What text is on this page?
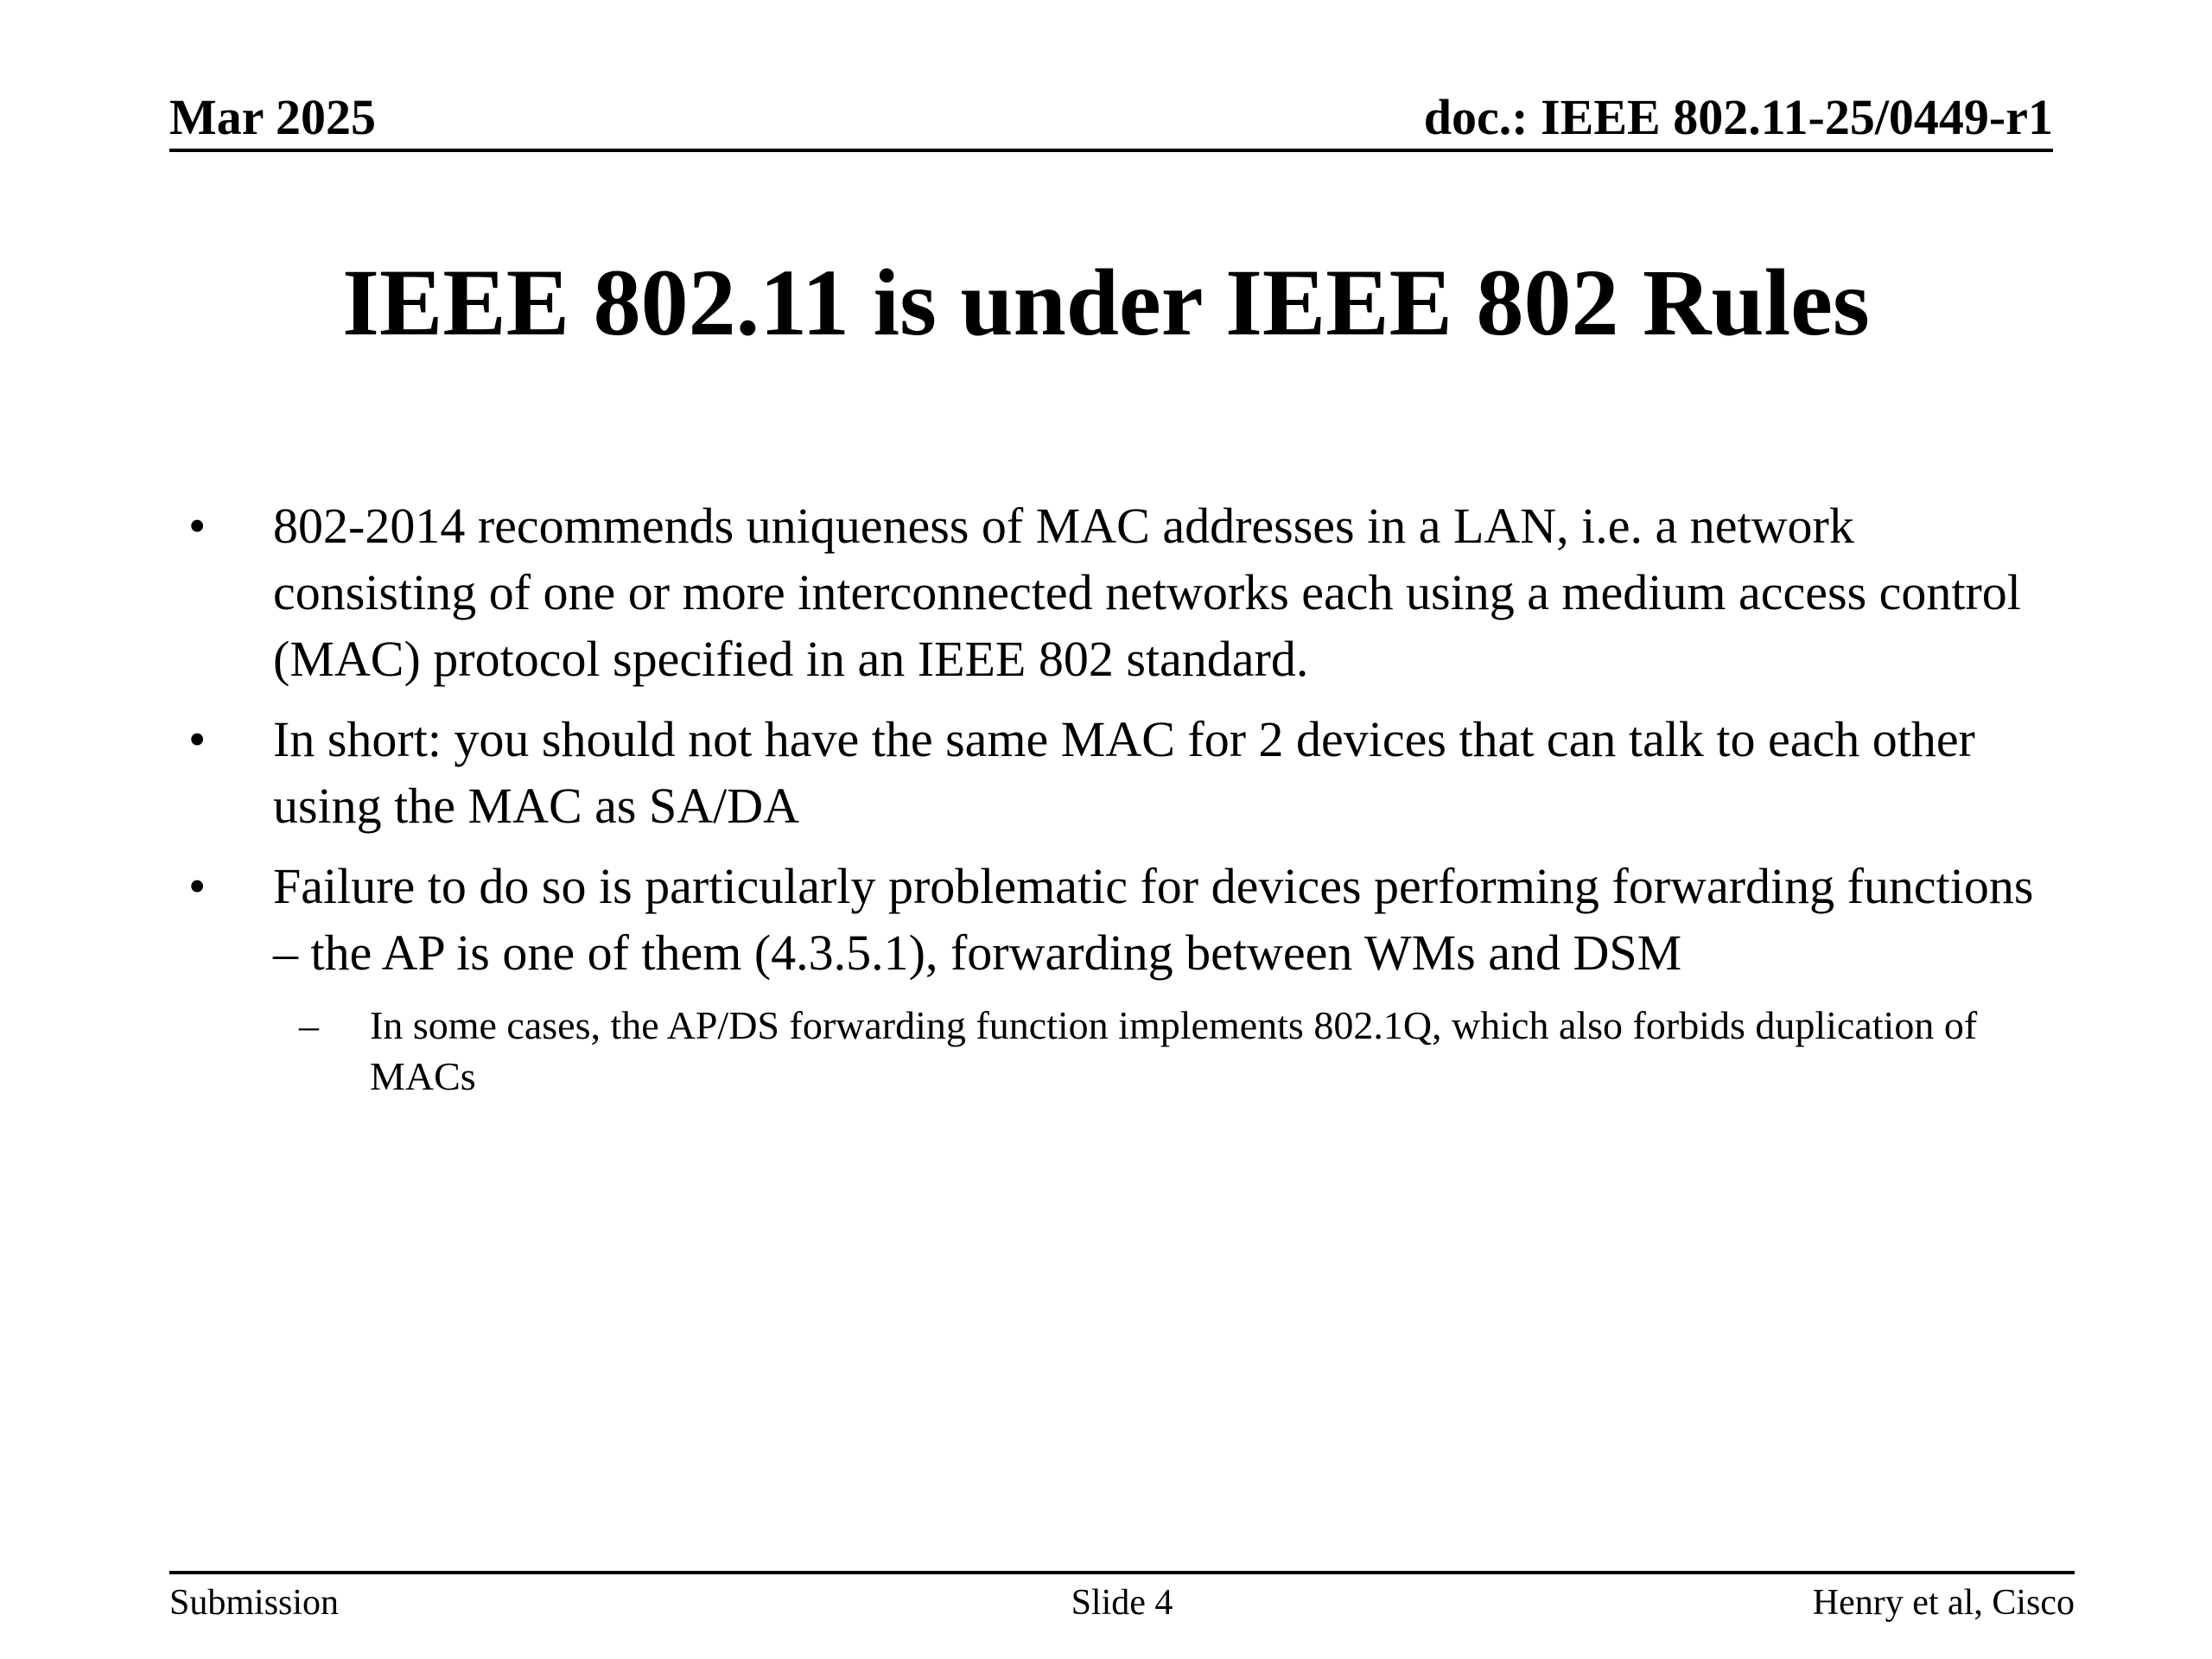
Mar 2025	doc.: IEEE 802.11-25/0449-r1
IEEE 802.11 is under IEEE 802 Rules
• 802-2014 recommends uniqueness of MAC addresses in a LAN, i.e. a network consisting of one or more interconnected networks each using a medium access control (MAC) protocol specified in an IEEE 802 standard.
• In short: you should not have the same MAC for 2 devices that can talk to each other using the MAC as SA/DA
• Failure to do so is particularly problematic for devices performing forwarding functions – the AP is one of them (4.3.5.1), forwarding between WMs and DSM
– In some cases, the AP/DS forwarding function implements 802.1Q, which also forbids duplication of MACs
Submission	Slide 4	Henry et al, Cisco
